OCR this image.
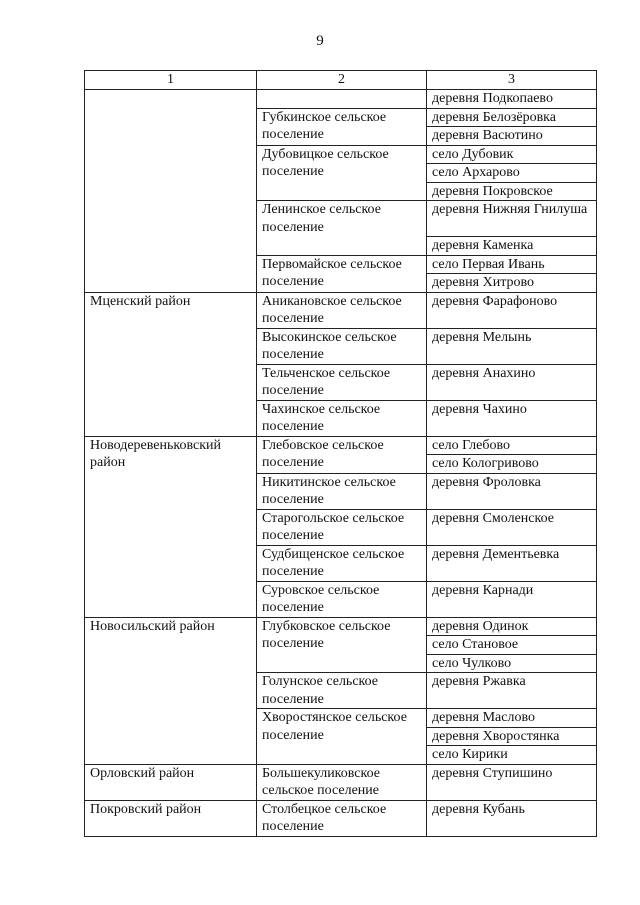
9
1	2	3
		деревня Подкопаево
	Губкинское сельское поселение	деревня Белозёровка
		деревня Васютино
	Дубовицкое сельское поселение	село Дубовик
		село Архарово
		деревня Покровское
	Ленинское сельское поселение	деревня Нижняя Гнилуша
		деревня Каменка
	Первомайское сельское поселение	село Первая Ивань
		деревня Хитрово
Мценский район	Аникановское сельское поселение	деревня Фарафоново
	Высокинское сельское поселение	деревня Мелынь
	Тельченское сельское поселение	деревня Анахино
	Чахинское сельское поселение	деревня Чахино
Новодеревеньковский район	Глебовское сельское поселение	село Глебово
		село Кологривово
	Никитинское сельское поселение	деревня Фроловка
	Старогольское сельское поселение	деревня Смоленское
	Судбищенское сельское поселение	деревня Дементьевка
	Суровское сельское поселение	деревня Карнади
Новосильский район	Глубковское сельское поселение	деревня Одинок
		село Становое
		село Чулково
	Голунское сельское поселение	деревня Ржавка
	Хворостянское сельское поселение	деревня Маслово
		деревня Хворостянка
		село Кирики
Орловский район	Большекуликовское сельское поселение	деревня Ступишино
Покровский район	Столбецкое сельское поселение	деревня Кубань
